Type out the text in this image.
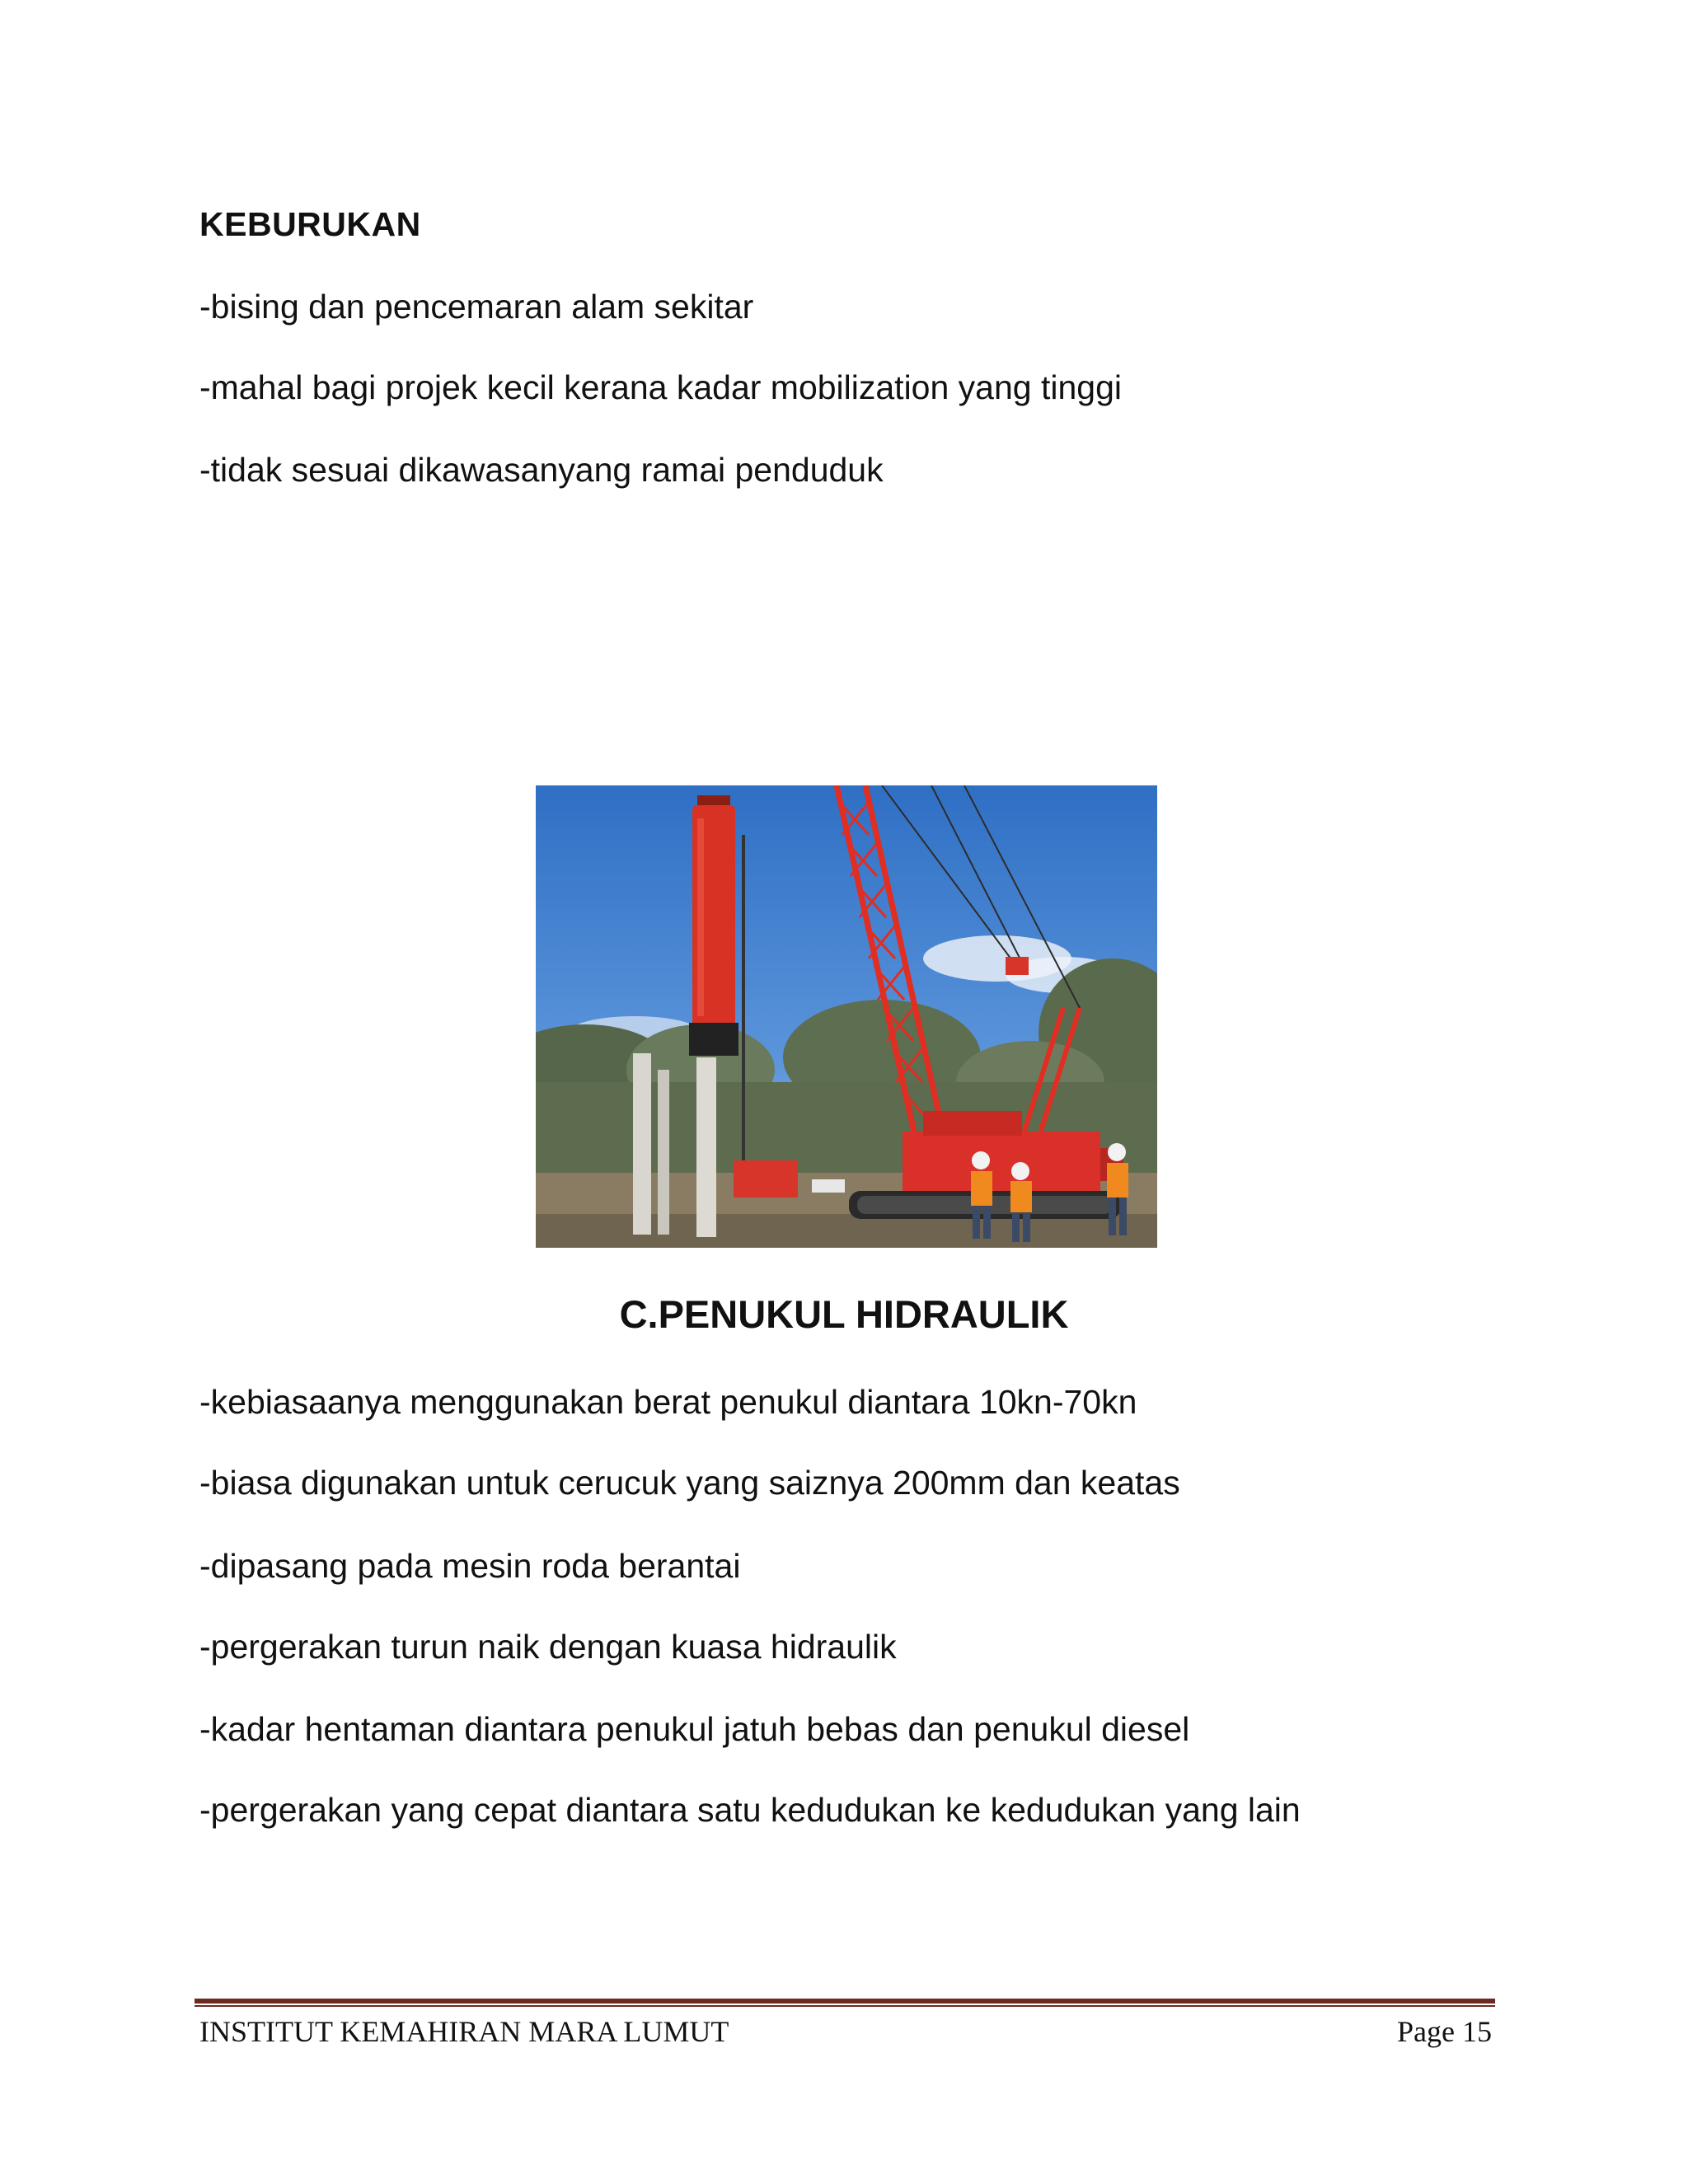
KEBURUKAN
-bising dan pencemaran alam sekitar
-mahal bagi projek kecil kerana kadar mobilization yang tinggi
-tidak sesuai dikawasanyang ramai penduduk
C.PENUKUL HIDRAULIK
-kebiasaanya menggunakan berat penukul diantara 10kn-70kn
-biasa digunakan untuk cerucuk yang saiznya 200mm dan keatas
-dipasang pada mesin roda berantai
-pergerakan turun naik dengan kuasa hidraulik
-kadar hentaman diantara penukul jatuh bebas dan penukul diesel
-pergerakan yang cepat diantara satu kedudukan ke kedudukan yang lain
INSTITUT KEMAHIRAN MARA LUMUT	Page 15
